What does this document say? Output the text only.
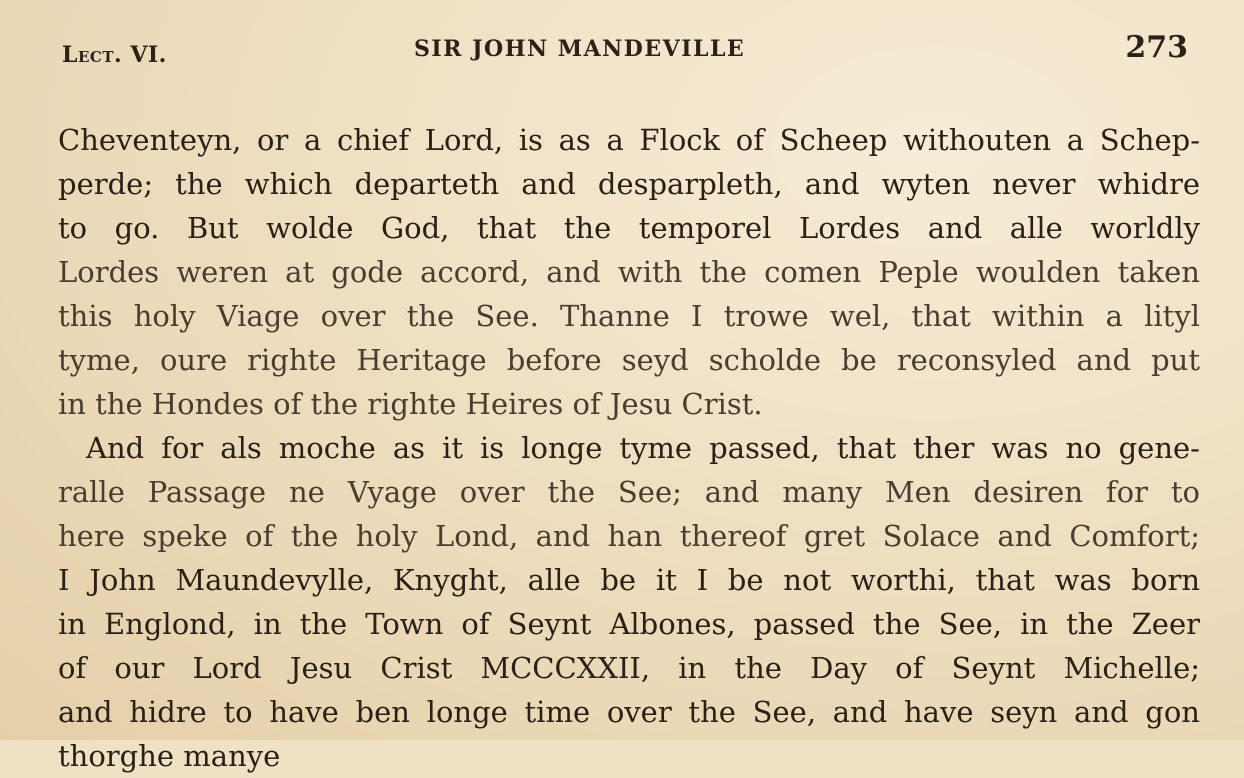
Lect. VI.	SIR JOHN MANDEVILLE	273
Cheventeyn, or a chief Lord, is as a Flock of Scheep withouten a Schep-
perde; the which departeth and desparpleth, and wyten never whidre
to go. But wolde God, that the temporel Lordes and alle worldly
Lordes weren at gode accord, and with the comen Peple woulden taken
this holy Viage over the See. Thanne I trowe wel, that within a lityl
tyme, oure righte Heritage before seyd scholde be reconsyled and put
in the Hondes of the righte Heires of Jesu Crist.
And for als moche as it is longe tyme passed, that ther was no gene-
ralle Passage ne Vyage over the See; and many Men desiren for to
here speke of the holy Lond, and han thereof gret Solace and Comfort;
I John Maundevylle, Knyght, alle be it I be not worthi, that was born
in Englond, in the Town of Seynt Albones, passed the See, in the Zeer
of our Lord Jesu Crist MCCCXXII, in the Day of Seynt Michelle;
and hidre to have ben longe time over the See, and have seyn and gon
thorghe manye
